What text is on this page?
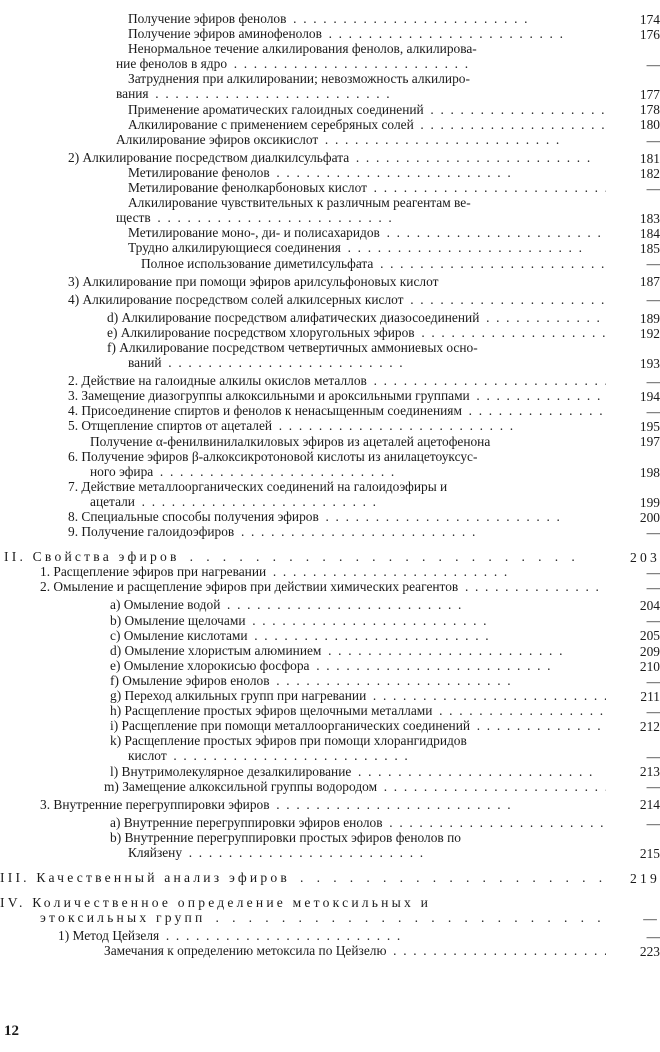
Получение эфиров фенолов . . .	174
Получение эфиров аминофенолов . . .	176
Ненормальное течение алкилирования фенолов, алкилирова-
ние фенолов в ядро . . .	—
Затруднения при алкилировании; невозможность алкилиро-
вания . . .	177
Применение ароматических галоидных соединений . . .	178
Алкилирование с применением серебряных солей . . .	180
Алкилирование эфиров оксикислот . . .	—
2) Алкилирование посредством диалкилсульфата . . .	181
Метилирование фенолов . . .	182
Метилирование фенолкарбоновых кислот . . .	—
Алкилирование чувствительных к различным реагентам ве-
ществ . . .	183
Метилирование моно-, ди- и полисахаридов . . .	184
Трудно алкилирующиеся соединения . . .	185
Полное использование диметилсульфата . . .	—
3) Алкилирование при помощи эфиров арилсульфоновых кислот	187
4) Алкилирование посредством солей алкилсерных кислот . . .	—
d) Алкилирование посредством алифатических диазосоединений . . .	189
e) Алкилирование посредством хлоругольных эфиров . . .	192
f) Алкилирование посредством четвертичных аммониевых осно-
ваний . . .	193
2. Действие на галоидные алкилы окислов металлов . . .	—
3. Замещение диазогруппы алкоксильными и ароксильными группами . . .	194
4. Присоединение спиртов и фенолов к ненасыщенным соединениям . . .	—
5. Отщепление спиртов от ацеталей . . .	195
Получение α-фенилвинилалкиловых эфиров из ацеталей ацетофенона	197
6. Получение эфиров β-алкоксикротоновой кислоты из анилацетоуксус-
ного эфира . . .	198
7. Действие металлоорганических соединений на галоидоэфиры и
ацетали . . .	199
8. Специальные способы получения эфиров . . .	200
9. Получение галоидоэфиров . . .	—
II. Свойства эфиров . . .	203
1. Расщепление эфиров при нагревании . . .	—
2. Омыление и расщепление эфиров при действии химических реагентов . . .	—
a) Омыление водой . . .	204
b) Омыление щелочами . . .	—
c) Омыление кислотами . . .	205
d) Омыление хлористым алюминием . . .	209
e) Омыление хлорокисью фосфора . . .	210
f) Омыление эфиров енолов . . .	—
g) Переход алкильных групп при нагревании . . .	211
h) Расщепление простых эфиров щелочными металлами . . .	—
i) Расщепление при помощи металлоорганических соединений . . .	212
k) Расщепление простых эфиров при помощи хлорангидридов
кислот . . .	—
l) Внутримолекулярное дезалкилирование . . .	213
m) Замещение алкоксильной группы водородом . . .	—
3. Внутренние перегруппировки эфиров . . .	214
a) Внутренние перегруппировки эфиров енолов . . .	—
b) Внутренние перегруппировки простых эфиров фенолов по
Кляйзену . . .	215
III. Качественный анализ эфиров . . .	219
IV. Количественное определение метоксильных и
этоксильных групп . . .	—
1) Метод Цейзеля . . .	—
Замечания к определению метоксила по Цейзелю . . .	223
12
